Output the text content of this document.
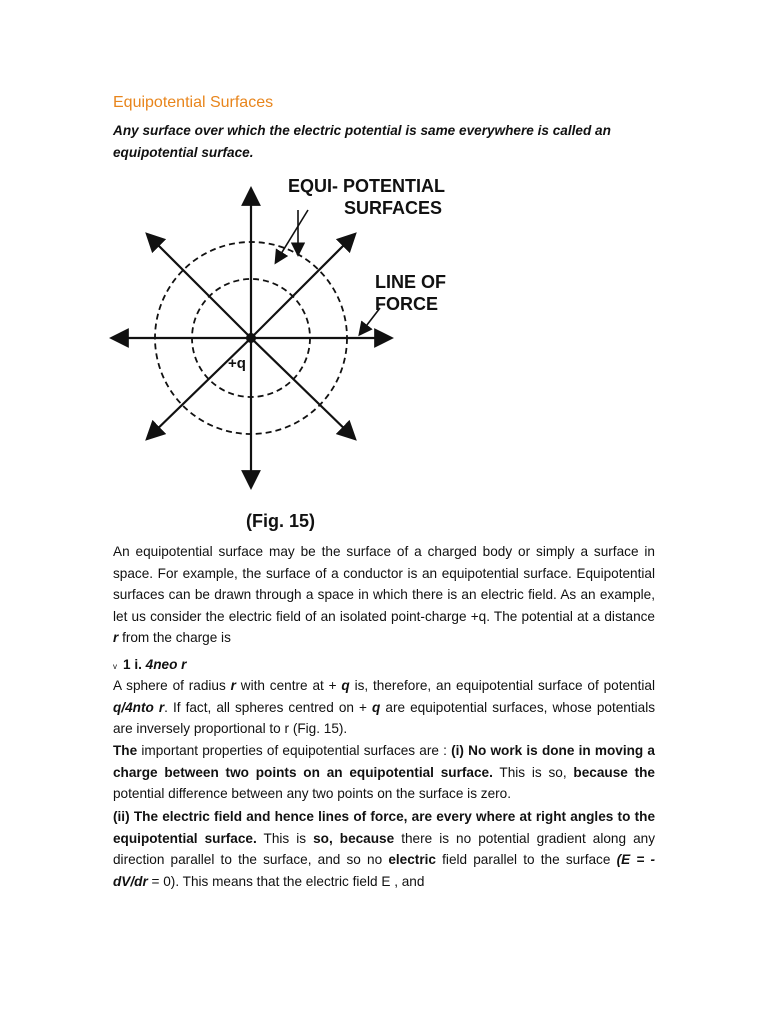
Equipotential Surfaces

Any surface over which the electric potential is same everywhere is called an equipotential surface.

+q
EQUI- POTENTIAL
SURFACES
LINE OF
FORCE
(Fig. 15)

An equipotential surface may be the surface of a charged body or simply a surface in space. For example, the surface of a conductor is an equipotential surface. Equipotential surfaces can be drawn through a space in which there is an electric field. As an example, let us consider the electric field of an isolated point-charge +q. The potential at a distance r from the charge is

v 1 i. 4neo r

A sphere of radius r with centre at + q is, therefore, an equipotential surface of potential q/4nto r. If fact, all spheres centred on + q are equipotential surfaces, whose potentials are inversely proportional to r (Fig. 15).

The important properties of equipotential surfaces are : (i) No work is done in moving a charge between two points on an equipotential surface. This is so, because the potential difference between any two points on the surface is zero.

(ii) The electric field and hence lines of force, are every where at right angles to the equipotential surface. This is so, because there is no potential gradient along any direction parallel to the surface, and so no electric field parallel to the surface (E = - dV/dr = 0). This means that the electric field E , and
